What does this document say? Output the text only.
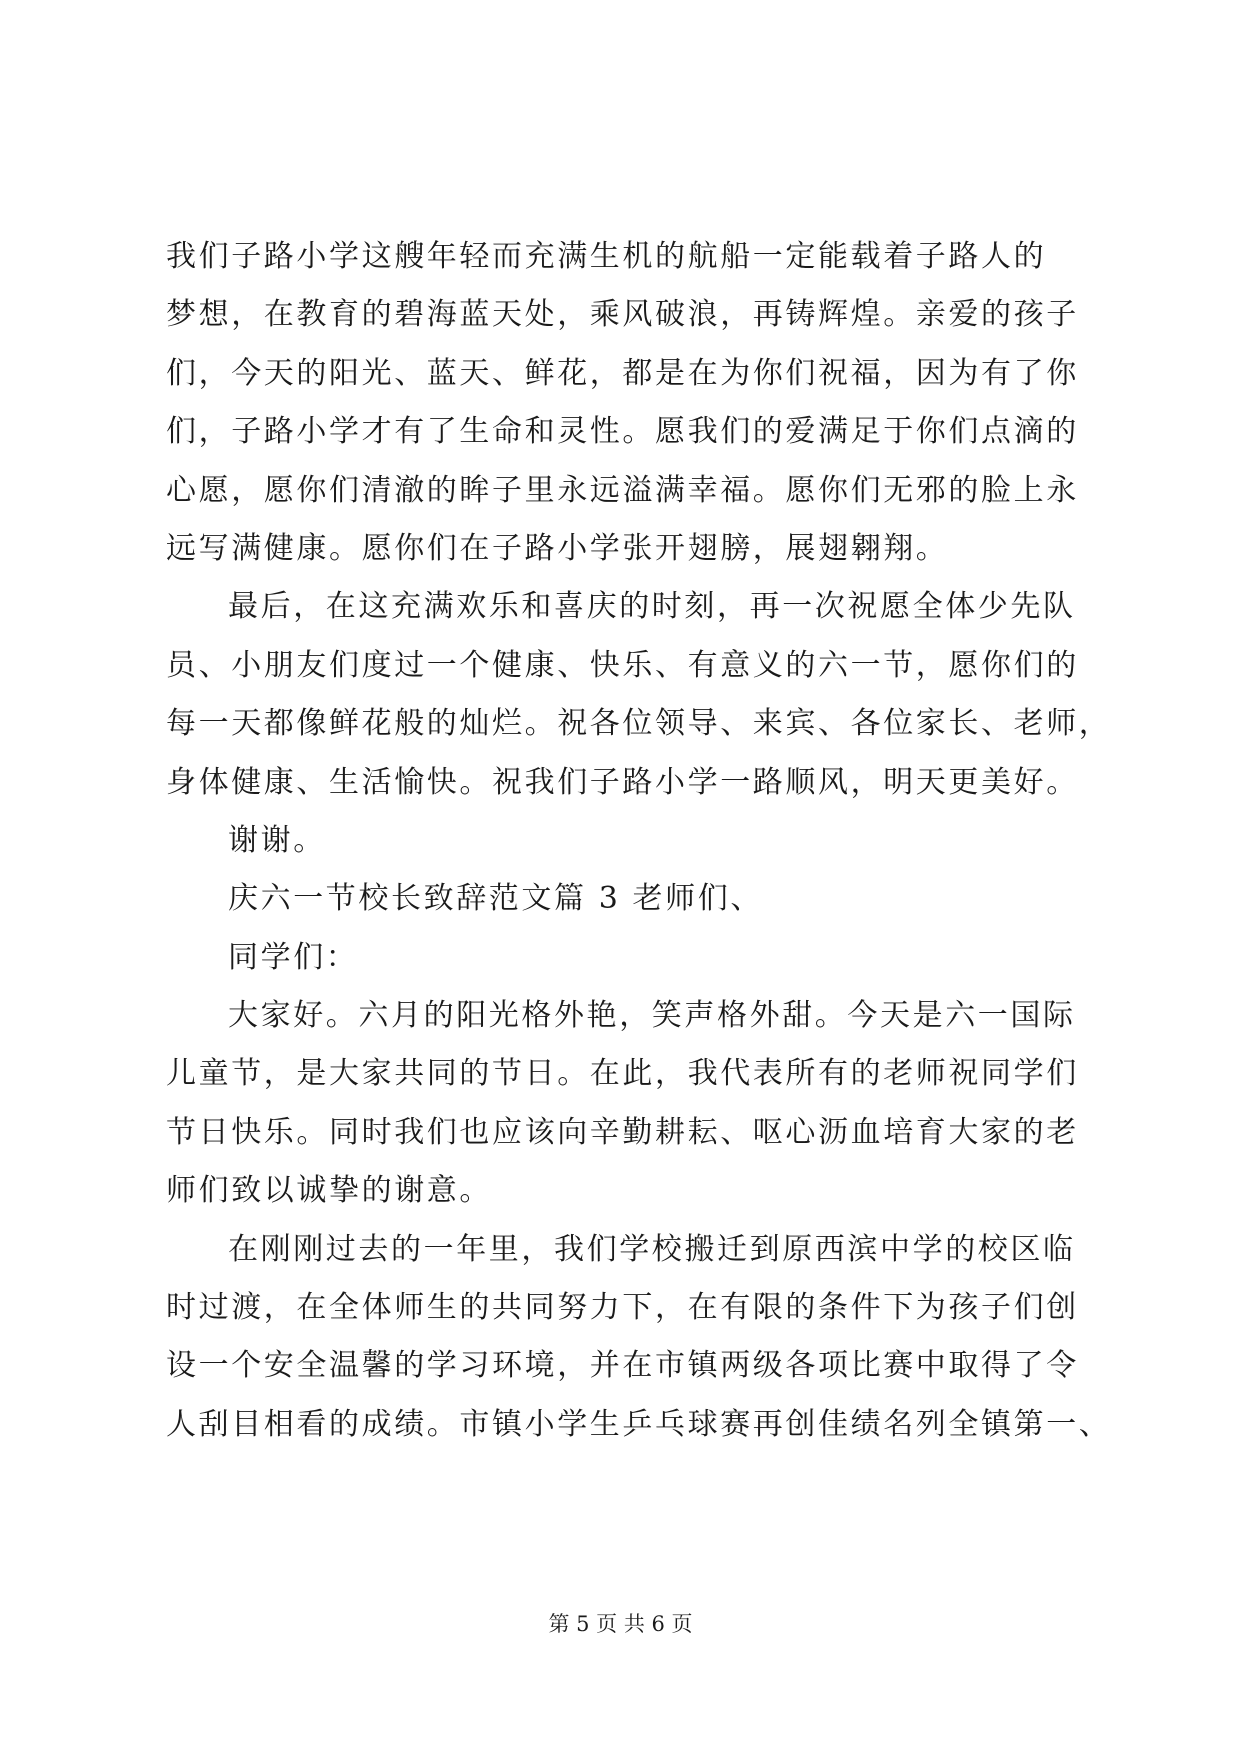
我们子路小学这艘年轻而充满生机的航船一定能载着子路人的
梦想，在教育的碧海蓝天处，乘风破浪，再铸辉煌。亲爱的孩子
们，今天的阳光、蓝天、鲜花，都是在为你们祝福，因为有了你
们，子路小学才有了生命和灵性。愿我们的爱满足于你们点滴的
心愿，愿你们清澈的眸子里永远溢满幸福。愿你们无邪的脸上永
远写满健康。愿你们在子路小学张开翅膀，展翅翱翔。
最后，在这充满欢乐和喜庆的时刻，再一次祝愿全体少先队
员、小朋友们度过一个健康、快乐、有意义的六一节，愿你们的
每一天都像鲜花般的灿烂。祝各位领导、来宾、各位家长、老师，
身体健康、生活愉快。祝我们子路小学一路顺风，明天更美好。
谢谢。
庆六一节校长致辞范文篇 3 老师们、
同学们：
大家好。六月的阳光格外艳，笑声格外甜。今天是六一国际
儿童节，是大家共同的节日。在此，我代表所有的老师祝同学们
节日快乐。同时我们也应该向辛勤耕耘、呕心沥血培育大家的老
师们致以诚挚的谢意。
在刚刚过去的一年里，我们学校搬迁到原西滨中学的校区临
时过渡，在全体师生的共同努力下，在有限的条件下为孩子们创
设一个安全温馨的学习环境，并在市镇两级各项比赛中取得了令
人刮目相看的成绩。市镇小学生乒乓球赛再创佳绩名列全镇第一、
第 5 页 共 6 页
